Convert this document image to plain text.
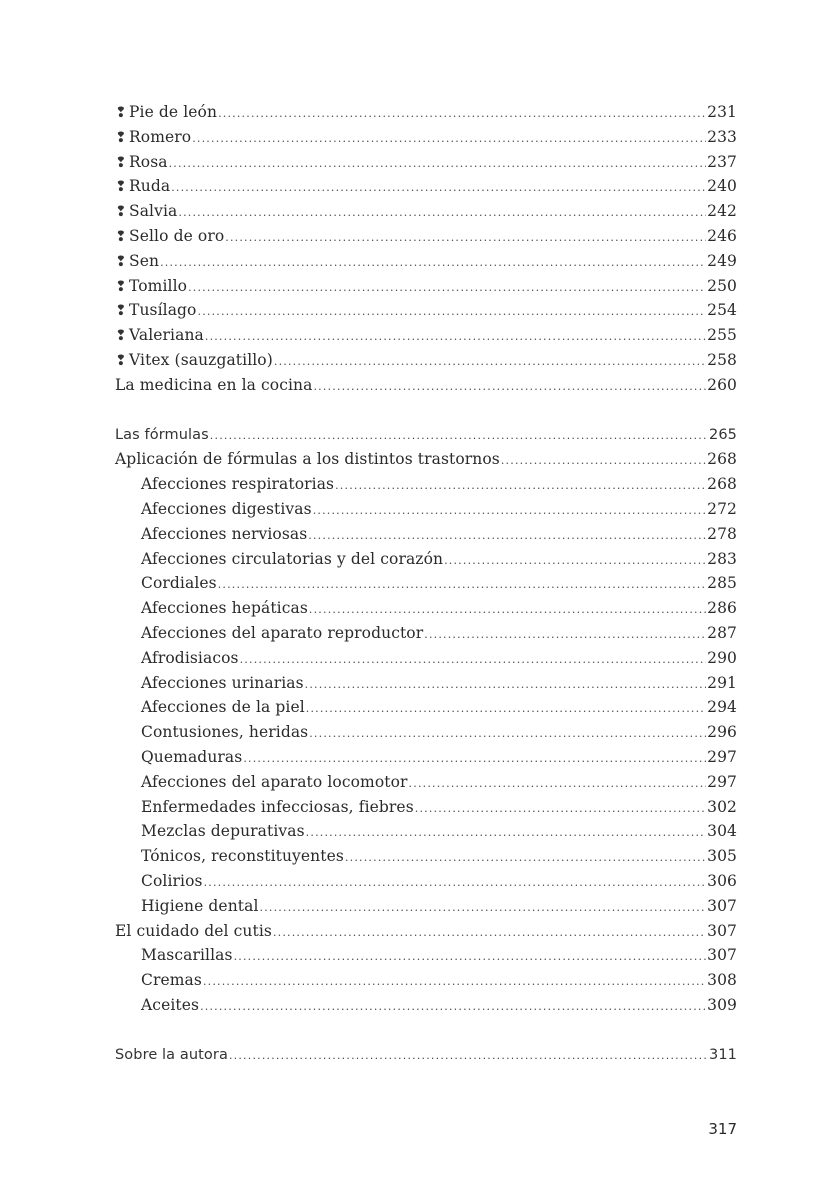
❢ Pie de león .....	231
❢ Romero .....	233
❢ Rosa .....	237
❢ Ruda .....	240
❢ Salvia .....	242
❢ Sello de oro .....	246
❢ Sen .....	249
❢ Tomillo .....	250
❢ Tusílago .....	254
❢ Valeriana .....	255
❢ Vitex (sauzgatillo) .....	258
La medicina en la cocina .....	260
Las fórmulas .....	265
Aplicación de fórmulas a los distintos trastornos .....	268
Afecciones respiratorias .....	268
Afecciones digestivas .....	272
Afecciones nerviosas .....	278
Afecciones circulatorias y del corazón .....	283
Cordiales .....	285
Afecciones hepáticas .....	286
Afecciones del aparato reproductor .....	287
Afrodisiacos .....	290
Afecciones urinarias .....	291
Afecciones de la piel .....	294
Contusiones, heridas .....	296
Quemaduras .....	297
Afecciones del aparato locomotor .....	297
Enfermedades infecciosas, fiebres .....	302
Mezclas depurativas .....	304
Tónicos, reconstituyentes .....	305
Colirios .....	306
Higiene dental .....	307
El cuidado del cutis .....	307
Mascarillas .....	307
Cremas .....	308
Aceites .....	309
Sobre la autora .....	311
317
